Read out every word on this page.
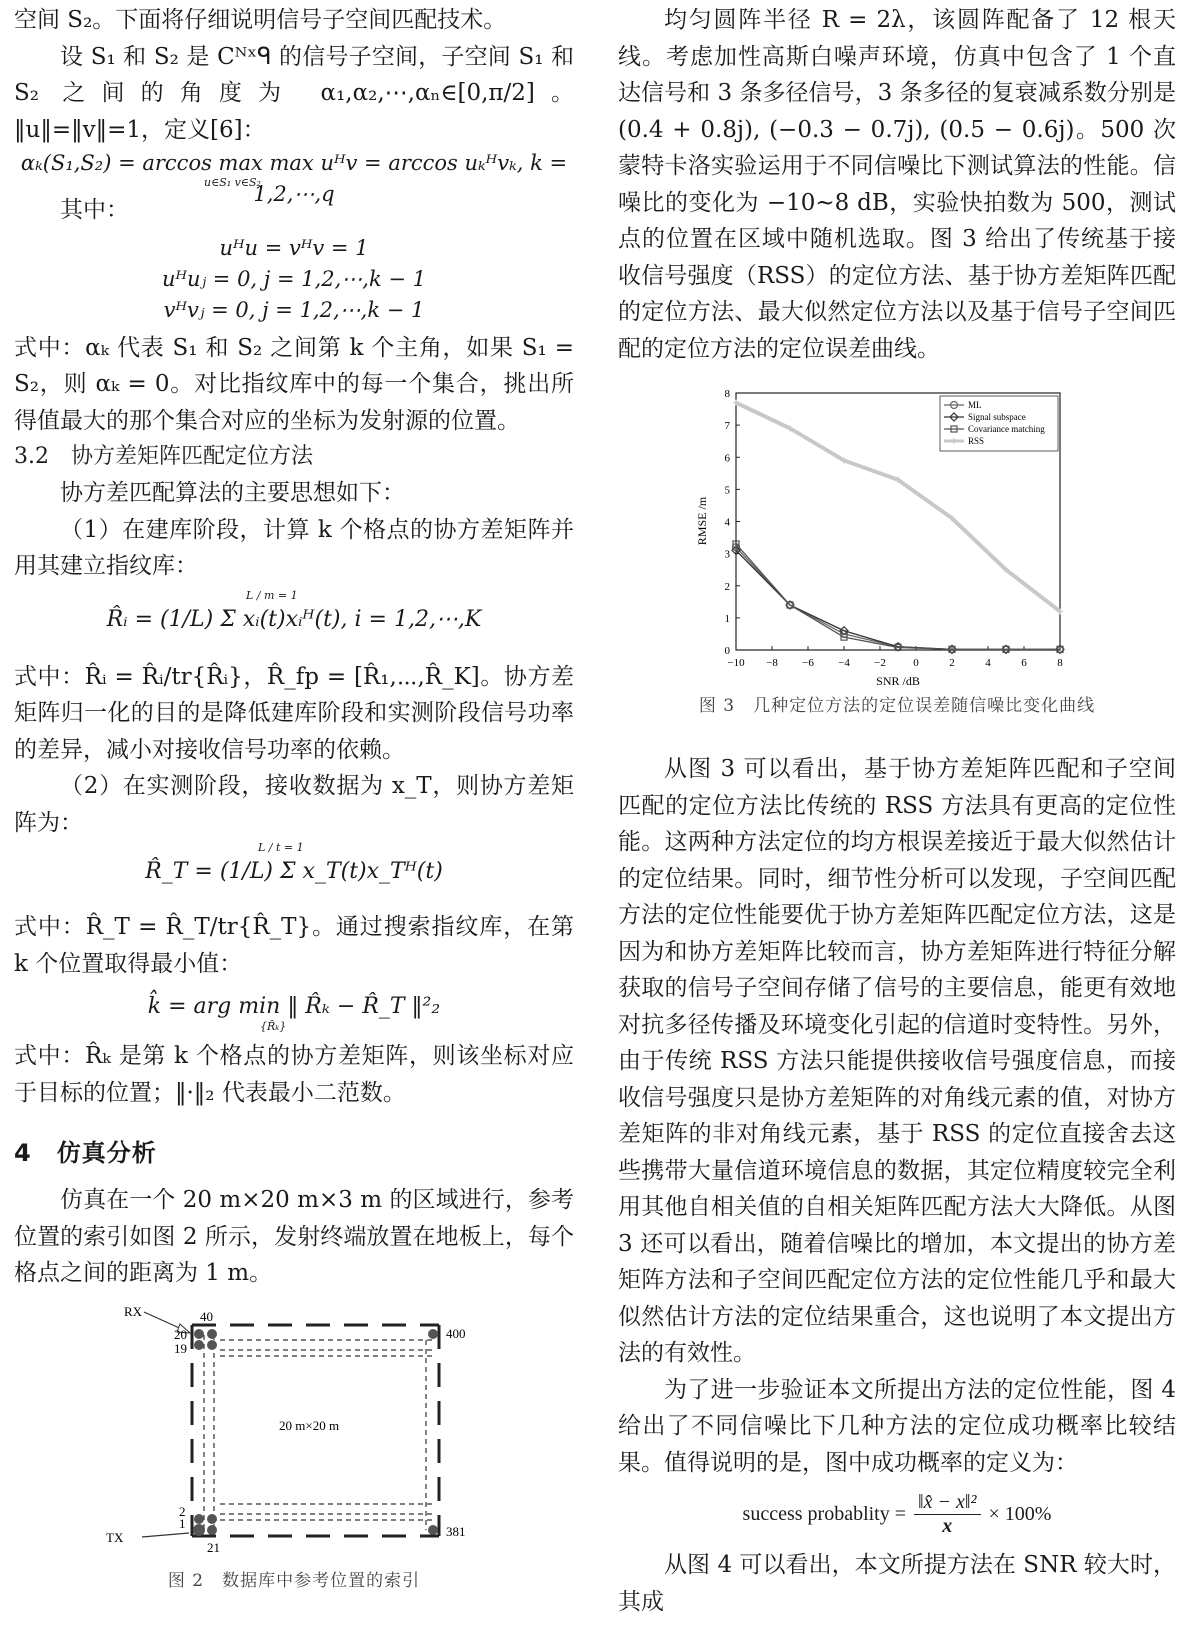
空间 S₂。下面将仔细说明信号子空间匹配技术。

设 S₁ 和 S₂ 是 Cᴺˣᑫ 的信号子空间，子空间 S₁ 和 S₂ 之间的角度为 α₁,α₂,⋯,αₙ∈[0,π/2]。‖u‖=‖v‖=1，定义[6]：

αₖ(S₁,S₂) = arccos max max uᴴv = arccos uₖᴴvₖ, k = 1,2,⋯,q

u∈S₁ v∈S₂

其中：

uᴴu = vᴴv = 1

uᴴuⱼ = 0, j = 1,2,⋯,k − 1

vᴴvⱼ = 0, j = 1,2,⋯,k − 1

式中：αₖ 代表 S₁ 和 S₂ 之间第 k 个主角，如果 S₁ = S₂，则 αₖ = 0。对比指纹库中的每一个集合，挑出所得值最大的那个集合对应的坐标为发射源的位置。

3.2　协方差矩阵匹配定位方法

协方差匹配算法的主要思想如下：

（1）在建库阶段，计算 k 个格点的协方差矩阵并用其建立指纹库：

R̂ᵢ = (1/L) Σ xᵢ(t)xᵢᴴ(t), i = 1,2,⋯,K

L / m = 1

式中：R̂ᵢ = R̂ᵢ/tr{R̂ᵢ}，R̂_fp = [R̂₁,⋯,R̂_K]。协方差矩阵归一化的目的是降低建库阶段和实测阶段信号功率的差异，减小对接收信号功率的依赖。

（2）在实测阶段，接收数据为 x_T，则协方差矩阵为：

R̂_T = (1/L) Σ x_T(t)x_Tᴴ(t)

L / t = 1

式中：R̂_T = R̂_T/tr{R̂_T}。通过搜索指纹库，在第 k 个位置取得最小值：

k̂ = arg min ‖ R̂ₖ − R̂_T ‖²₂

{R̂ₖ}

式中：R̂ₖ 是第 k 个格点的协方差矩阵，则该坐标对应于目标的位置；‖·‖₂ 代表最小二范数。

4　仿真分析

仿真在一个 20 m×20 m×3 m 的区域进行，参考位置的索引如图 2 所示，发射终端放置在地板上，每个格点之间的距离为 1 m。

RX
TX
40
20
19
400
2
1
21
381
20 m×20 m

图 2　数据库中参考位置的索引

均匀圆阵半径 R = 2λ，该圆阵配备了 12 根天线。考虑加性高斯白噪声环境，仿真中包含了 1 个直达信号和 3 条多径信号，3 条多径的复衰减系数分别是 (0.4 + 0.8j), (−0.3 − 0.7j), (0.5 − 0.6j)。500 次蒙特卡洛实验运用于不同信噪比下测试算法的性能。信噪比的变化为 −10~8 dB，实验快拍数为 500，测试点的位置在区域中随机选取。图 3 给出了传统基于接收信号强度（RSS）的定位方法、基于协方差矩阵匹配的定位方法、最大似然定位方法以及基于信号子空间匹配的定位方法的定位误差曲线。

0
1
2
3
4
5
6
7
8
−10 −8 −6 −4 −2 0	2	4	6	8
SNR /dB
RMSE /m
ML
Signal subspace
Covariance matching
RSS

图 3　几种定位方法的定位误差随信噪比变化曲线

从图 3 可以看出，基于协方差矩阵匹配和子空间匹配的定位方法比传统的 RSS 方法具有更高的定位性能。这两种方法定位的均方根误差接近于最大似然估计的定位结果。同时，细节性分析可以发现，子空间匹配方法的定位性能要优于协方差矩阵匹配定位方法，这是因为和协方差矩阵比较而言，协方差矩阵进行特征分解获取的信号子空间存储了信号的主要信息，能更有效地对抗多径传播及环境变化引起的信道时变特性。另外，由于传统 RSS 方法只能提供接收信号强度信息，而接收信号强度只是协方差矩阵的对角线元素的值，对协方差矩阵的非对角线元素，基于 RSS 的定位直接舍去这些携带大量信道环境信息的数据，其定位精度较完全利用其他自相关值的自相关矩阵匹配方法大大降低。从图 3 还可以看出，随着信噪比的增加，本文提出的协方差矩阵方法和子空间匹配定位方法的定位性能几乎和最大似然估计方法的定位结果重合，这也说明了本文提出方法的有效性。

为了进一步验证本文所提出方法的定位性能，图 4 给出了不同信噪比下几种方法的定位成功概率比较结果。值得说明的是，图中成功概率的定义为：

success probablity = $\frac{\text{‖x̂ − x‖²}}{x} \times 100\%$

从图 4 可以看出，本文所提方法在 SNR 较大时，其成
